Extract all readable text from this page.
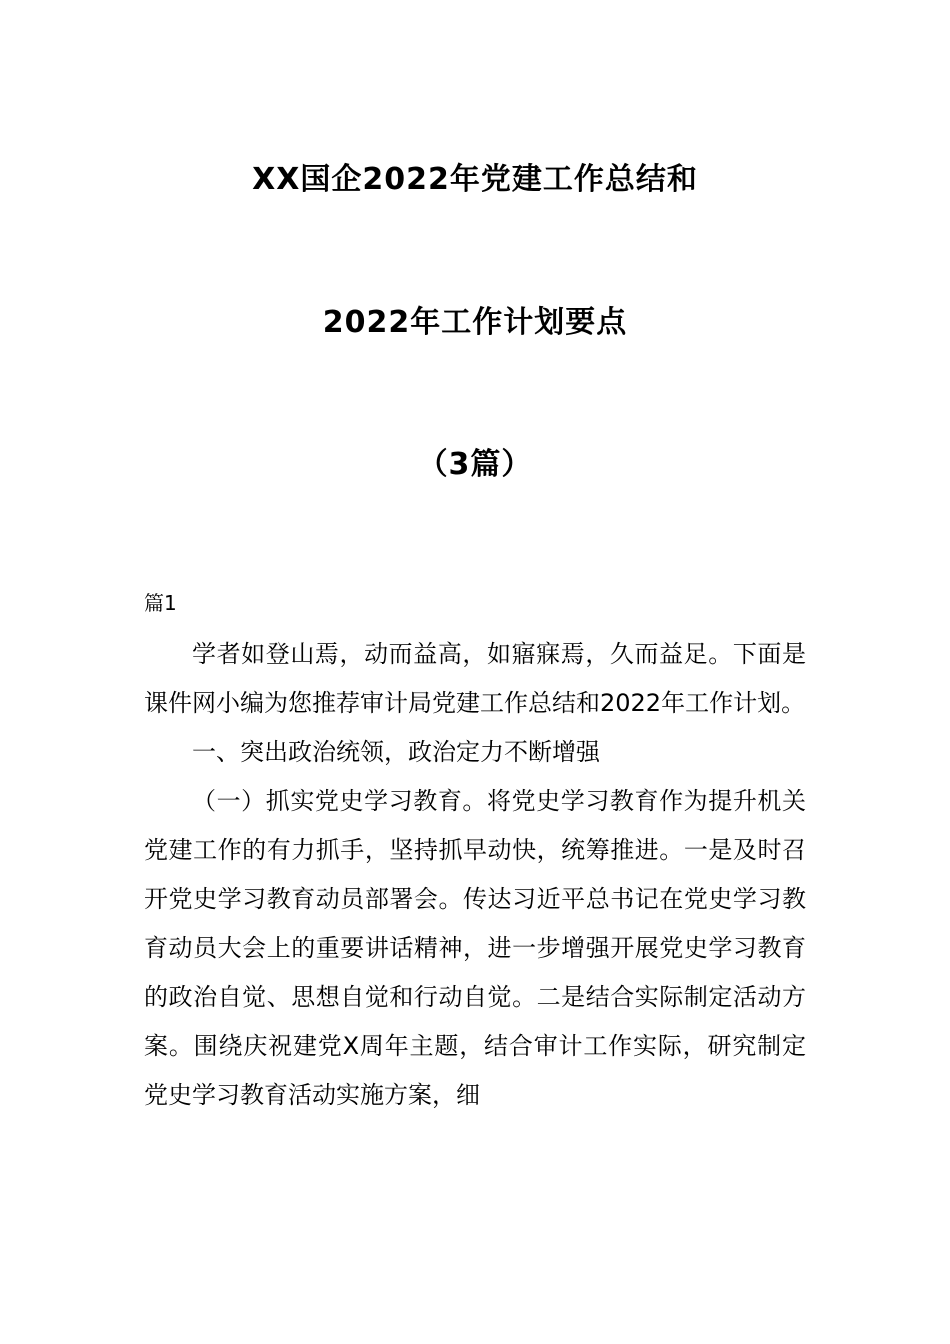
XX国企2022年党建工作总结和
2022年工作计划要点
（3篇）
篇1

学者如登山焉，动而益高，如寤寐焉，久而益足。下面是课件网小编为您推荐审计局党建工作总结和2022年工作计划。

一、突出政治统领，政治定力不断增强

（一）抓实党史学习教育。将党史学习教育作为提升机关党建工作的有力抓手，坚持抓早动快，统筹推进。一是及时召开党史学习教育动员部署会。传达习近平总书记在党史学习教育动员大会上的重要讲话精神，进一步增强开展党史学习教育的政治自觉、思想自觉和行动自觉。二是结合实际制定活动方案。围绕庆祝建党X周年主题，结合审计工作实际，研究制定党史学习教育活动实施方案，细
